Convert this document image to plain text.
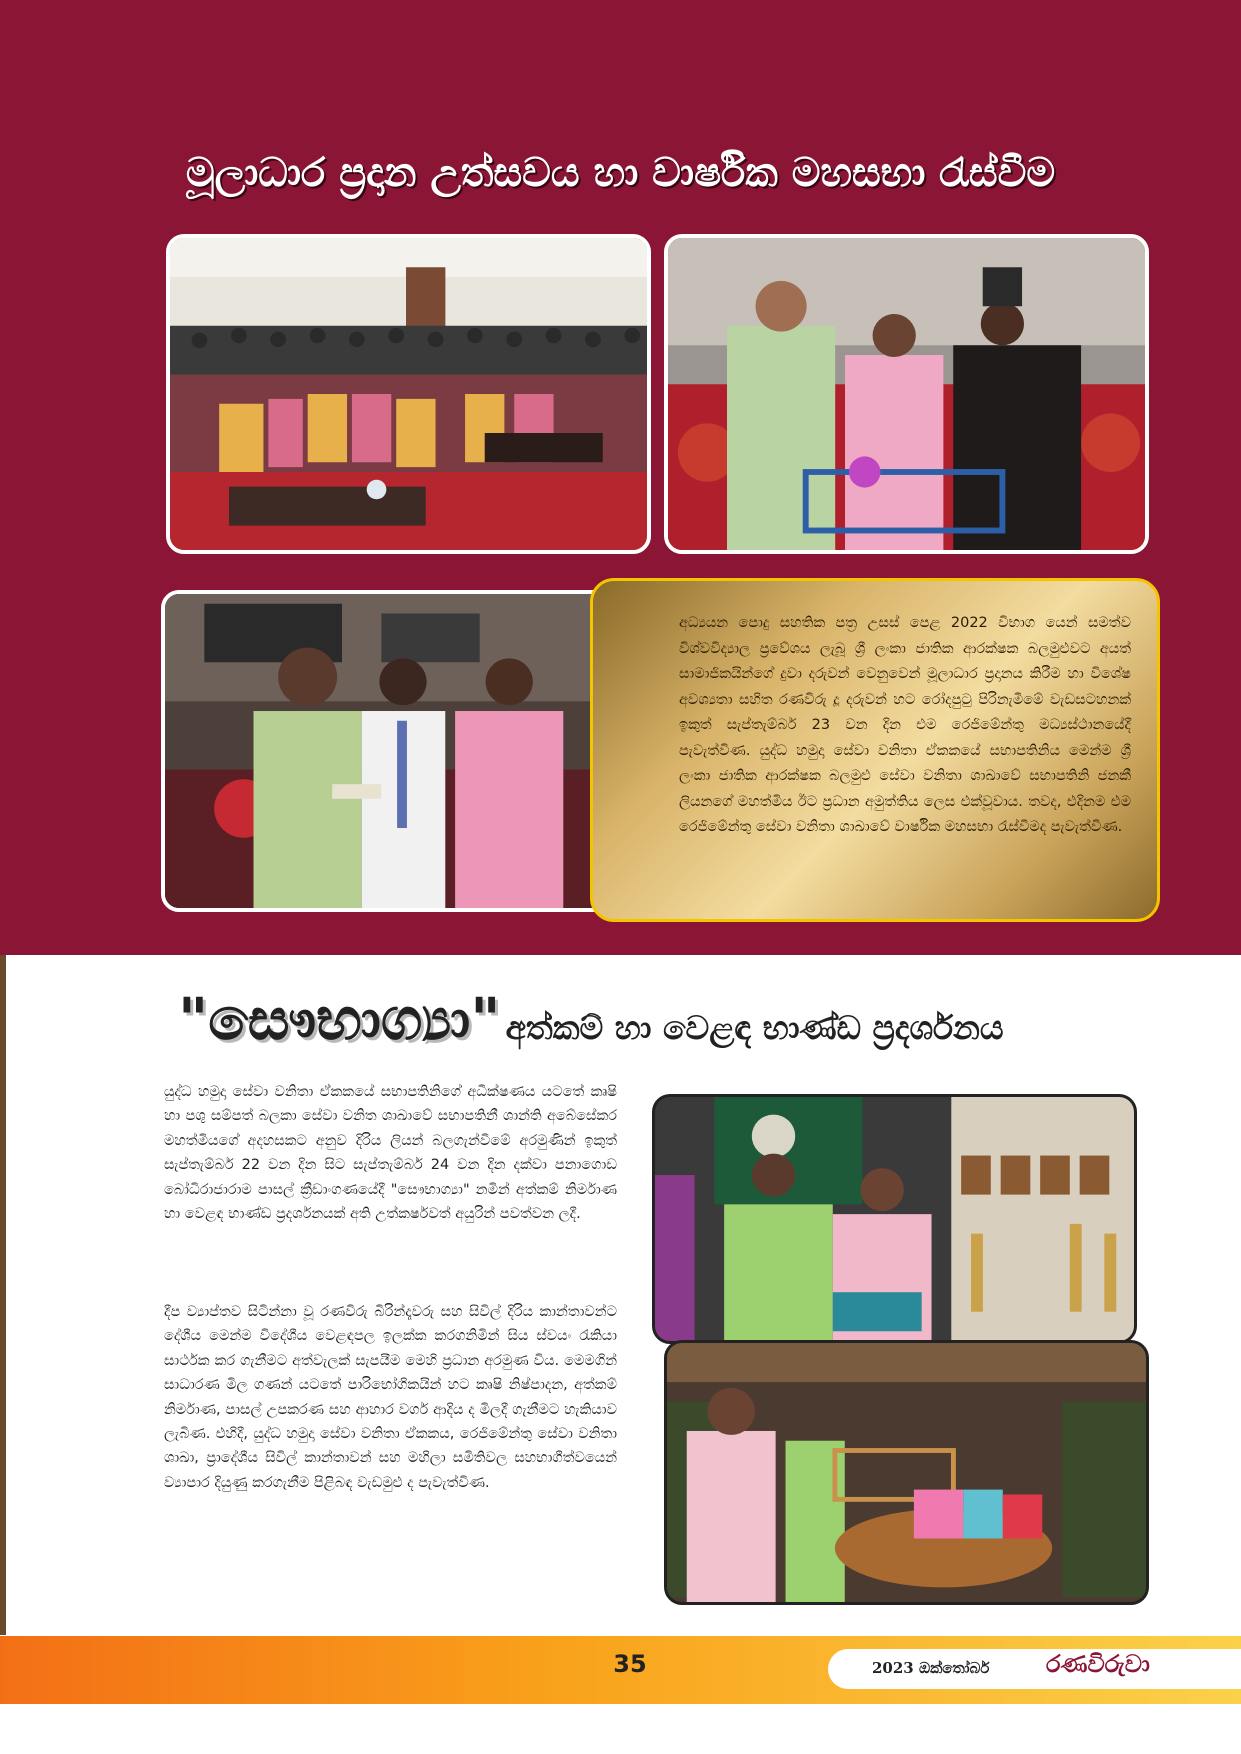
මූලාධාර ප්‍රදාන උත්සවය හා වාර්ෂික මහසභා රැස්වීම

අධ්‍යයන පොදු සහතික පත්‍ර උසස් පෙළ 2022 විභාග යෙන් සමත්ව විශ්වවිද්‍යාල ප්‍රවේශය ලැබූ ශ්‍රී ලංකා ජාතික ආරක්ෂක බලමුළුවට අයත් සාමාජිකයින්ගේ දුවා දරුවන් වෙනුවෙන් මූලාධාර ප්‍රදානය කිරීම හා විශේෂ අවශ්‍යතා සහිත රණවිරු දූ දරුවන් හට රෝදපුටු පිරිනැමීමේ වැඩසටහනක් ඉකුත් සැප්තැම්බර් 23 වන දින එම රෙජිමේන්තු මධ්‍යස්ථානයේදී පැවැත්විණ. යුද්ධ හමුදා සේවා වනිතා ඒකකයේ සභාපතිනිය මෙන්ම ශ්‍රී ලංකා ජාතික ආරක්ෂක බලමුළු සේවා වනිතා ශාඛාවේ සභාපතිනි ජනකී ලියනගේ මහත්මිය ඊට ප්‍රධාන අමුත්තිය ලෙස එක්වූවාය. තවද, එදිනම එම රෙජිමේන්තු සේවා වනිතා ශාඛාවේ වාර්ෂික මහසභා රැස්වීමද පැවැත්විණ.

"සෞභාග්‍යා" අත්කම් හා වෙළඳ භාණ්ඩ ප්‍රදර්ශනය

යුද්ධ හමුදා සේවා වනිතා ඒකකයේ සභාපතිනිගේ අධීක්ෂණය යටතේ කෘෂි හා පශු සම්පත් බලකා සේවා වනිත ශාඛාවේ සභාපතිනී ශාන්ති අබේසේකර මහත්මියගේ අදහසකට අනුව දිරිය ලියන් බලගැන්වීමේ අරමුණින් ඉකුත් සැප්තැම්බර් 22 වන දින සිට සැප්තැම්බර් 24 වන දින දක්වා පනාගොඩ බෝධිරාජාරාම පාසල් ක්‍රීඩාංගණයේදී "සෞභාග්‍යා" නමින් අත්කම් නිර්මාණ හා වෙළඳ භාණ්ඩ ප්‍රදර්ශනයක් අති උත්කර්ෂවත් අයුරින් පවත්වන ලදී.

දීප ව්‍යාප්තව සිටින්නා වූ රණවිරු බිරින්දෑවරු සහ සිවිල් දිරිය කාන්තාවන්ට දේශීය මෙන්ම විදේශීය වෙළඳපල ඉලක්ක කරගනිමින් සිය ස්වයං රැකියා සාර්ථක කර ගැනීමට අත්වැලක් සැපයීම මෙහි ප්‍රධාන අරමුණ විය. මෙමගින් සාධාරණ මිල ගණන් යටතේ පාරිභෝගිකයින් හට කෘෂි නිෂ්පාදන, අත්කම් නිර්මාණ, පාසල් උපකරණ සහ ආහාර වර්ග ආදිය ද මිලදී ගැනීමට හැකියාව ලැබිණ. එහිදී, යුද්ධ හමුදා සේවා වනිතා ඒකකය, රෙජිමේන්තු සේවා වනිතා ශාඛා, ප්‍රාදේශීය සිවිල් කාන්තාවන් සහ මහිලා සමිතිවල සහභාගීත්වයෙන් ව්‍යාපාර දියුණු කරගැනීම පිළිබඳ වැඩමුළු ද පැවැත්විණ.

35	2023 ඔක්තෝබර් රණවිරුවා
